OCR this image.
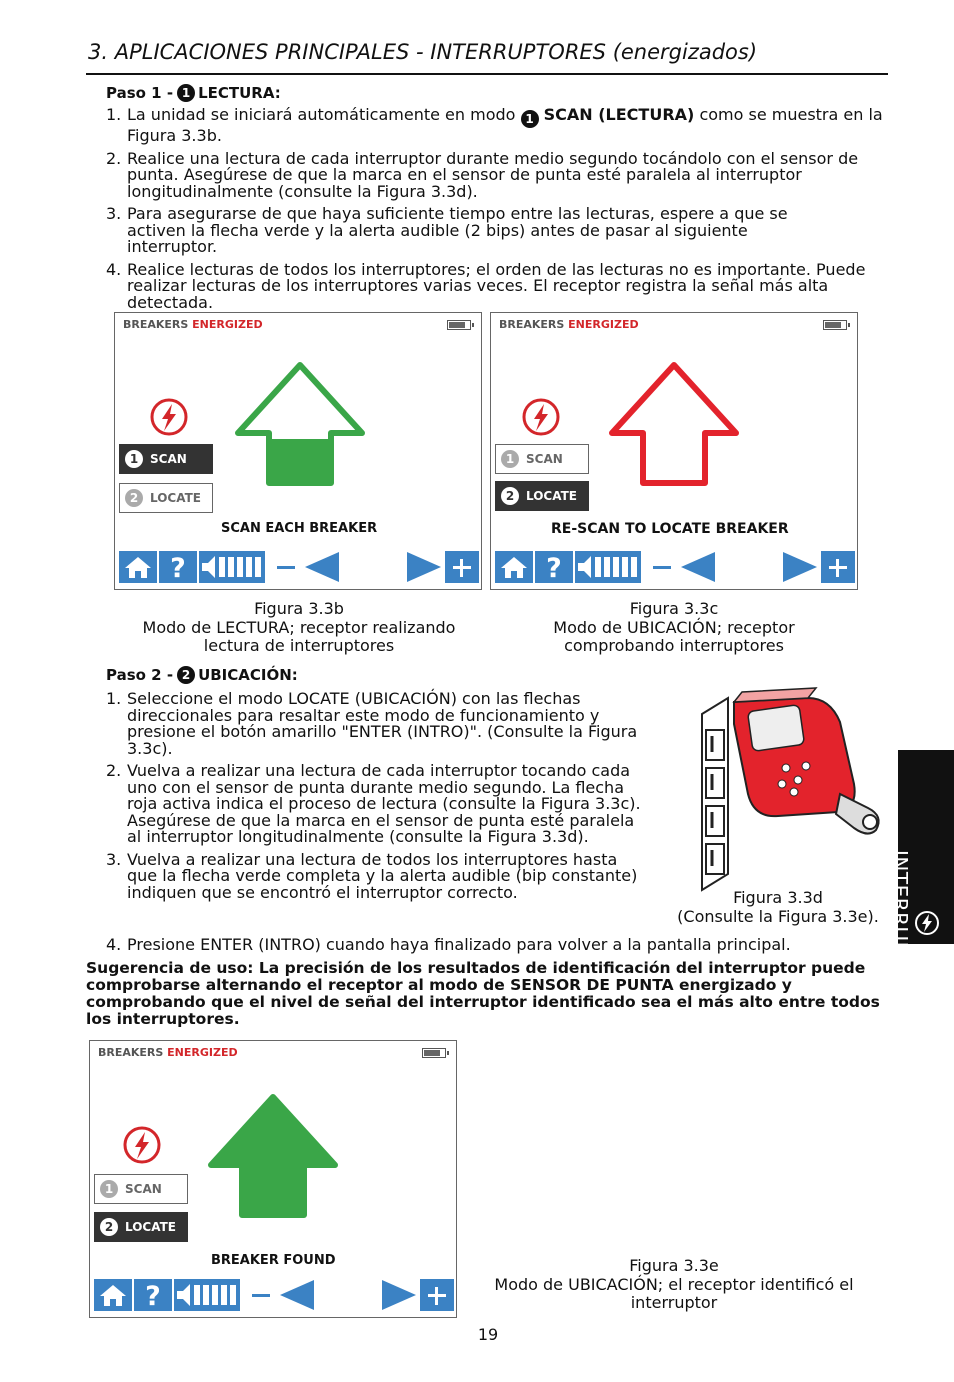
3. APLICACIONES PRINCIPALES - INTERRUPTORES (energizados)
Paso 1 - 1 LECTURA:
1. La unidad se iniciará automáticamente en modo 1 SCAN (LECTURA) como se muestra en la Figura 3.3b.
2. Realice una lectura de cada interruptor durante medio segundo tocándolo con el sensor de punta. Asegúrese de que la marca en el sensor de punta esté paralela al interruptor longitudinalmente (consulte la Figura 3.3d).
3. Para asegurarse de que haya suficiente tiempo entre las lecturas, espere a que se activen la flecha verde y la alerta audible (2 bips) antes de pasar al siguiente interruptor.
4. Realice lecturas de todos los interruptores; el orden de las lecturas no es importante. Puede realizar lecturas de los interruptores varias veces. El receptor registra la señal más alta detectada.
BREAKERS ENERGIZED
1 SCAN
2 LOCATE
SCAN EACH BREAKER
?
BREAKERS ENERGIZED
1 SCAN
2 LOCATE
RE-SCAN TO LOCATE BREAKER
?
Figura 3.3b
Modo de LECTURA; receptor realizando lectura de interruptores
Figura 3.3c
Modo de UBICACIÓN; receptor comprobando interruptores
Paso 2 - 2 UBICACIÓN:
1. Seleccione el modo LOCATE (UBICACIÓN) con las flechas direccionales para resaltar este modo de funcionamiento y presione el botón amarillo "ENTER (INTRO)". (Consulte la Figura 3.3c).
2. Vuelva a realizar una lectura de cada interruptor tocando cada uno con el sensor de punta durante medio segundo. La flecha roja activa indica el proceso de lectura (consulte la Figura 3.3c). Asegúrese de que la marca en el sensor de punta esté paralela al interruptor longitudinalmente (consulte la Figura 3.3d).
3. Vuelva a realizar una lectura de todos los interruptores hasta que la flecha verde completa y la alerta audible (bip constante) indiquen que se encontró el interruptor correcto.
4. Presione ENTER (INTRO) cuando haya finalizado para volver a la pantalla principal.
Figura 3.3d
(Consulte la Figura 3.3e).
Sugerencia de uso: La precisión de los resultados de identificación del interruptor puede comprobarse alternando el receptor al modo de SENSOR DE PUNTA energizado y comprobando que el nivel de señal del interruptor identificado sea el más alto entre todos los interruptores.
BREAKERS ENERGIZED
1 SCAN
2 LOCATE
BREAKER FOUND
?
Figura 3.3e
Modo de UBICACIÓN; el receptor identificó el interruptor
INTERRUPTORES
19
